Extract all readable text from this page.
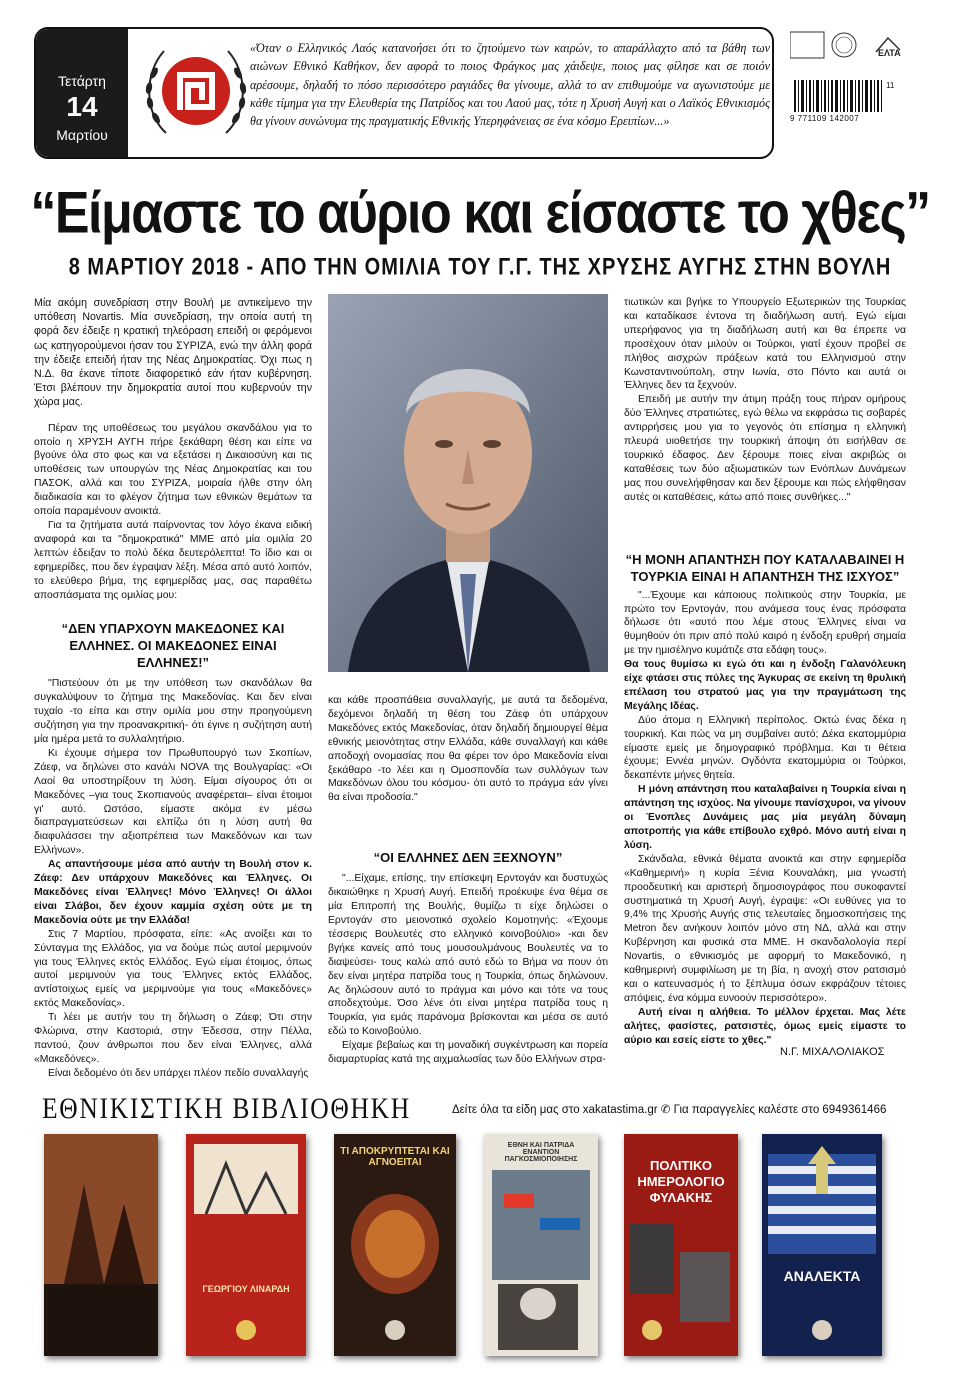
Τετάρτη
14
Μαρτίου
«Όταν ο Ελληνικός Λαός κατανοήσει ότι το ζητούμενο των καιρών, το απαράλλαχτο από τα βάθη των αιώνων Εθνικό Καθήκον, δεν αφορά το ποιος Φράγκος μας χάιδεψε, ποιος μας φίλησε και σε ποιόν αρέσουμε, δηλαδή το πόσο περισσότερο ραγιάδες θα γίνουμε, αλλά το αν επιθυμούμε να αγωνιστούμε με κάθε τίμημα για την Ελευθερία της Πατρίδος και του Λαού μας, τότε η Χρυσή Αυγή και ο Λαϊκός Εθνικισμός θα γίνουν συνώνυμα της πραγματικής Εθνικής Υπερηφάνειας σε ένα κόσμο Ερειπίων...»
ΕΛΤΑ
11
9 771109 142007
“Είμαστε το αύριο και είσαστε το χθες”
8 ΜΑΡΤΙΟΥ 2018 - ΑΠΟ ΤΗΝ ΟΜΙΛΙΑ ΤΟΥ Γ.Γ. ΤΗΣ ΧΡΥΣΗΣ ΑΥΓΗΣ ΣΤΗΝ ΒΟΥΛΗ

Μία ακόμη συνεδρίαση στην Βουλή με αντικείμενο την υπόθεση Novartis. Μία συνεδρίαση, την οποία αυτή τη φορά δεν έδειξε η κρατική τηλεόραση επειδή οι φερόμενοι ως κατηγορούμενοι ήσαν του ΣΥΡΙΖΑ, ενώ την άλλη φορά την έδειξε επειδή ήταν της Νέας Δημοκρατίας. Όχι πως η Ν.Δ. θα έκανε τίποτε διαφορετικό εάν ήταν κυβέρνηση. Έτσι βλέπουν την δημοκρατία αυτοί που κυβερνούν την χώρα μας.

Πέραν της υποθέσεως του μεγάλου σκανδάλου για το οποίο η ΧΡΥΣΗ ΑΥΓΗ πήρε ξεκάθαρη θέση και είπε να βγούνε όλα στο φως και να εξετάσει η Δικαιοσύνη και τις υποθέσεις των υπουργών της Νέας Δημοκρατίας και του ΠΑΣΟΚ, αλλά και του ΣΥΡΙΖΑ, μοιραία ήλθε στην όλη διαδικασία και το φλέγον ζήτημα των εθνικών θεμάτων τα οποία παραμένουν ανοικτά.

Για τα ζητήματα αυτά παίρνοντας τον λόγο έκανα ειδική αναφορά και τα "δημοκρατικά" ΜΜΕ από μία ομιλία 20 λεπτών έδειξαν το πολύ δέκα δευτερόλεπτα! Το ίδιο και οι εφημερίδες, που δεν έγραψαν λέξη. Μέσα από αυτό λοιπόν, το ελεύθερο βήμα, της εφημερίδας μας, σας παραθέτω αποσπάσματα της ομιλίας μου:

“ΔΕΝ ΥΠΑΡΧΟΥΝ ΜΑΚΕΔΟΝΕΣ ΚΑΙ ΕΛΛΗΝΕΣ. ΟΙ ΜΑΚΕΔΟΝΕΣ ΕΙΝΑΙ ΕΛΛΗΝΕΣ!”

"Πιστεύουν ότι με την υπόθεση των σκανδάλων θα συγκαλύψουν το ζήτημα της Μακεδονίας. Και δεν είναι τυχαίο -το είπα και στην ομιλία μου στην προηγούμενη συζήτηση για την προανακριτική- ότι έγινε η συζήτηση αυτή μία ημέρα μετά το συλλαλητήριο.

Κι έχουμε σήμερα τον Πρωθυπουργό των Σκοπίων, Ζάεφ, να δηλώνει στο κανάλι NOVA της Βουλγαρίας: «Οι Λαοί θα υποστηρίξουν τη λύση. Είμαι σίγουρος ότι οι Μακεδόνες –για τους Σκοπιανούς αναφέρεται– είναι έτοιμοι γι' αυτό. Ωστόσο, είμαστε ακόμα εν μέσω διαπραγματεύσεων και ελπίζω ότι η λύση αυτή θα διαφυλάσσει την αξιοπρέπεια των Μακεδόνων και των Ελλήνων».

Ας απαντήσουμε μέσα από αυτήν τη Βουλή στον κ. Ζάεφ: Δεν υπάρχουν Μακεδόνες και Έλληνες. Οι Μακεδόνες είναι Έλληνες! Μόνο Έλληνες! Οι άλλοι είναι Σλάβοι, δεν έχουν καμμία σχέση ούτε με τη Μακεδονία ούτε με την Ελλάδα!

Στις 7 Μαρτίου, πρόσφατα, είπε: «Ας ανοίξει και το Σύνταγμα της Ελλάδος, για να δούμε πώς αυτοί μεριμνούν για τους Έλληνες εκτός Ελλάδος. Εγώ είμαι έτοιμος, όπως αυτοί μεριμνούν για τους Έλληνες εκτός Ελλάδος, αντίστοιχως εμείς να μεριμνούμε για τους «Μακεδόνες» εκτός Μακεδονίας».

Τι λέει με αυτήν του τη δήλωση ο Ζάεφ; Ότι στην Φλώρινα, στην Καστοριά, στην Έδεσσα, στην Πέλλα, παντού, ζουν άνθρωποι που δεν είναι Έλληνες, αλλά «Μακεδόνες».

Είναι δεδομένο ότι δεν υπάρχει πλέον πεδίο συναλλαγής

και κάθε προσπάθεια συναλλαγής, με αυτά τα δεδομένα, δεχόμενοι δηλαδή τη θέση του Ζάεφ ότι υπάρχουν Μακεδόνες εκτός Μακεδονίας, όταν δηλαδή δημιουργεί θέμα εθνικής μειονότητας στην Ελλάδα, κάθε συναλλαγή και κάθε αποδοχή ονομασίας που θα φέρει τον όρο Μακεδονία είναι ξεκάθαρο -το λέει και η Ομοσπονδία των συλλόγων των Μακεδόνων όλου του κόσμου- ότι αυτό το πράγμα εάν γίνει θα είναι προδοσία."

“ΟΙ ΕΛΛΗΝΕΣ ΔΕΝ ΞΕΧΝΟΥΝ”

"...Είχαμε, επίσης, την επίσκεψη Ερντογάν και δυστυχώς δικαιώθηκε η Χρυσή Αυγή. Επειδή προέκυψε ένα θέμα σε μία Επιτροπή της Βουλής, θυμίζω τι είχε δηλώσει ο Ερντογάν στο μειονοτικό σχολείο Κομοτηνής: «Έχουμε τέσσερις Βουλευτές στο ελληνικό κοινοβούλιο» -και δεν βγήκε κανείς από τους μουσουλμάνους Βουλευτές να το διαψεύσει- τους καλώ από αυτό εδώ το Βήμα να πουν ότι δεν είναι μητέρα πατρίδα τους η Τουρκία, όπως δηλώνουν. Ας δηλώσουν αυτό το πράγμα και μόνο και τότε να τους αποδεχτούμε. Όσο λένε ότι είναι μητέρα πατρίδα τους η Τουρκία, για εμάς παράνομα βρίσκονται και μέσα σε αυτό εδώ το Κοινοβούλιο.

Είχαμε βεβαίως και τη μοναδική συγκέντρωση και πορεία διαμαρτυρίας κατά της αιχμαλωσίας των δύο Ελλήνων στρα-

τιωτικών και βγήκε το Υπουργείο Εξωτερικών της Τουρκίας και καταδίκασε έντονα τη διαδήλωση αυτή. Εγώ είμαι υπερήφανος για τη διαδήλωση αυτή και θα έπρεπε να προσέχουν όταν μιλούν οι Τούρκοι, γιατί έχουν προβεί σε πλήθος αισχρών πράξεων κατά του Ελληνισμού στην Κωνσταντινούπολη, στην Ιωνία, στο Πόντο και αυτά οι Έλληνες δεν τα ξεχνούν.

Επειδή με αυτήν την άτιμη πράξη τους πήραν ομήρους δύο Έλληνες στρατιώτες, εγώ θέλω να εκφράσω τις σοβαρές αντιρρήσεις μου για το γεγονός ότι επίσημα η ελληνική πλευρά υιοθετήσε την τουρκική άποψη ότι εισήλθαν σε τουρκικό έδαφος. Δεν ξέρουμε ποιες είναι ακριβώς οι καταθέσεις των δύο αξιωματικών των Ενόπλων Δυνάμεων μας που συνελήφθησαν και δεν ξέρουμε και πώς ελήφθησαν αυτές οι καταθέσεις, κάτω από ποιες συνθήκες..."

“Η ΜΟΝΗ ΑΠΑΝΤΗΣΗ ΠΟΥ ΚΑΤΑΛΑΒΑΙΝΕΙ Η ΤΟΥΡΚΙΑ ΕΙΝΑΙ Η ΑΠΑΝΤΗΣΗ ΤΗΣ ΙΣΧΥΟΣ”

"...Έχουμε και κάποιους πολιτικούς στην Τουρκία, με πρώτο τον Ερντογάν, που ανάμεσα τους ένας πρόσφατα δήλωσε ότι «αυτό που λέμε στους Έλληνες είναι να θυμηθούν ότι πριν από πολύ καιρό η ένδοξη ερυθρή σημαία με την ημισέληνο κυμάτιζε στα εδάφη τους».

Θα τους θυμίσω κι εγώ ότι και η ένδοξη Γαλανόλευκη είχε φτάσει στις πύλες της Άγκυρας σε εκείνη τη θρυλική επέλαση του στρατού μας για την πραγμάτωση της Μεγάλης Ιδέας.

Δύο άτομα η Ελληνική περίπολος. Οκτώ ένας δέκα η τουρκική. Και πώς να μη συμβαίνει αυτό; Δέκα εκατομμύρια είμαστε εμείς με δημογραφικό πρόβλημα. Και τι θέτεια έχουμε; Εννέα μηνών. Ογδόντα εκατομμύρια οι Τούρκοι, δεκαπέντε μήνες θητεία.

Η μόνη απάντηση που καταλαβαίνει η Τουρκία είναι η απάντηση της ισχύος. Να γίνουμε πανίσχυροι, να γίνουν οι Ένοπλες Δυνάμεις μας μία μεγάλη δύναμη αποτροπής για κάθε επίβουλο εχθρό. Μόνο αυτή είναι η λύση.

Σκάνδαλα, εθνικά θέματα ανοικτά και στην εφημερίδα «Καθημερινή» η κυρία Ξένια Κουναλάκη, μια γνωστή προοδευτική και αριστερή δημοσιογράφος που συκοφαντεί συστηματικά τη Χρυσή Αυγή, έγραψε: «Οι ευθύνες για το 9,4% της Χρυσής Αυγής στις τελευταίες δημοσκοπήσεις της Metron δεν ανήκουν λοιπόν μόνο στη ΝΔ, αλλά και στην Κυβέρνηση και φυσικά στα ΜΜΕ. Η σκανδαλολογία περί Novartis, ο εθνικισμός με αφορμή το Μακεδονικό, η καθημερινή συμφιλίωση με τη βία, η ανοχή στον ρατσισμό και ο κατευνασμός ή το ξέπλυμα όσων εκφράζουν τέτοιες απόψεις, ένα κόμμα ευνοούν περισσότερο».

Αυτή είναι η αλήθεια. Το μέλλον έρχεται. Μας λέτε αλήτες, φασίστες, ρατσιστές, όμως εμείς είμαστε το αύριο και εσείς είστε το χθες."

Ν.Γ. ΜΙΧΑΛΟΛΙΑΚΟΣ
ΕΘΝΙΚΙΣΤΙΚΗ ΒΙΒΛΙΟΘΗΚΗ	Δείτε όλα τα είδη μας στο xakatastima.gr ✆ Για παραγγελίες καλέστε στο 6949361466
ΓΕΩΡΓΙΟΥ ΛΙΝΑΡΔΗ
ΤΙ ΑΠΟΚΡΥΠΤΕΤΑΙ ΚΑΙ ΑΓΝΟΕΙΤΑΙ
ΕΘΝΗ ΚΑΙ ΠΑΤΡΙΔΑ ΕΝΑΝΤΙΟΝ ΠΑΓΚΟΣΜΙΟΠΟΙΗΣΗΣ	ΠΟΛΙΤΙΚΟ ΗΜΕΡΟΛΟΓΙΟ ΦΥΛΑΚΗΣ
ΑΝΑΛΕΚΤΑ
